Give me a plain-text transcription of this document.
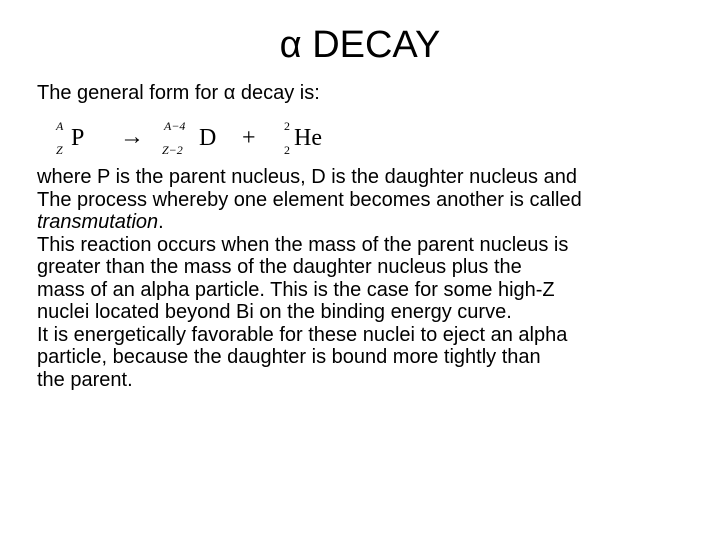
α DECAY
The general form for α decay is:
A
Z P → A−4
Z−2 D + 2
2 He

where P is the parent nucleus, D is the daughter nucleus and

The process whereby one element becomes another is called
transmutation.

This reaction occurs when the mass of the parent nucleus is
greater than the mass of the daughter nucleus plus the
mass of an alpha particle. This is the case for some high-Z
nuclei located beyond Bi on the binding energy curve.

It is energetically favorable for these nuclei to eject an alpha
particle, because the daughter is bound more tightly than
the parent.
